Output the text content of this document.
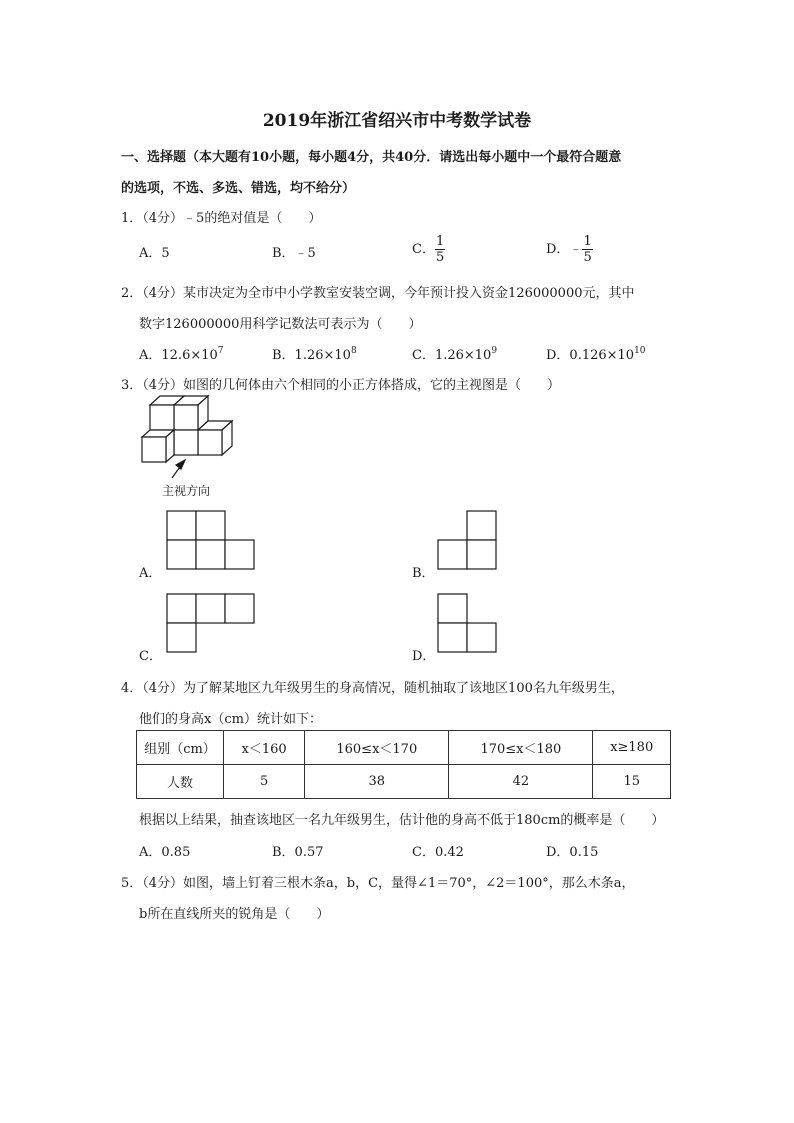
2019年浙江省绍兴市中考数学试卷
一、选择题（本大题有10小题，每小题4分，共40分．请选出每小题中一个最符合题意
的选项，不选、多选、错选，均不给分）
1．（4分）﹣5的绝对值是（　　）
A．5	B．﹣5	C． $\frac{1}{5}$	D．﹣ $\frac{1}{5}$
2．（4分）某市决定为全市中小学教室安装空调，今年预计投入资金126000000元，其中
数字126000000用科学记数法可表示为（　　）
A．$12.6\times 10^7$	B．$1.26\times 10^8$	C．$1.26\times 10^9$	D．$0.126\times 10^{10}$
3．（4分）如图的几何体由六个相同的小正方体搭成，它的主视图是（　　）
主视方向
A．	B．
C．	D．
4．（4分）为了解某地区九年级男生的身高情况，随机抽取了该地区100名九年级男生，
他们的身高x（cm）统计如下：
组别（cm）	x＜160	160≤x＜170	170≤x＜180	x≥180
人数	5	38	42	15
根据以上结果，抽查该地区一名九年级男生，估计他的身高不低于180cm的概率是（　　）
A．0.85	B．0.57	C．0.42	D．0.15
5．（4分）如图，墙上钉着三根木条a，b，C，量得∠1＝70°，∠2＝100°，那么木条a，
b所在直线所夹的锐角是（　　）
